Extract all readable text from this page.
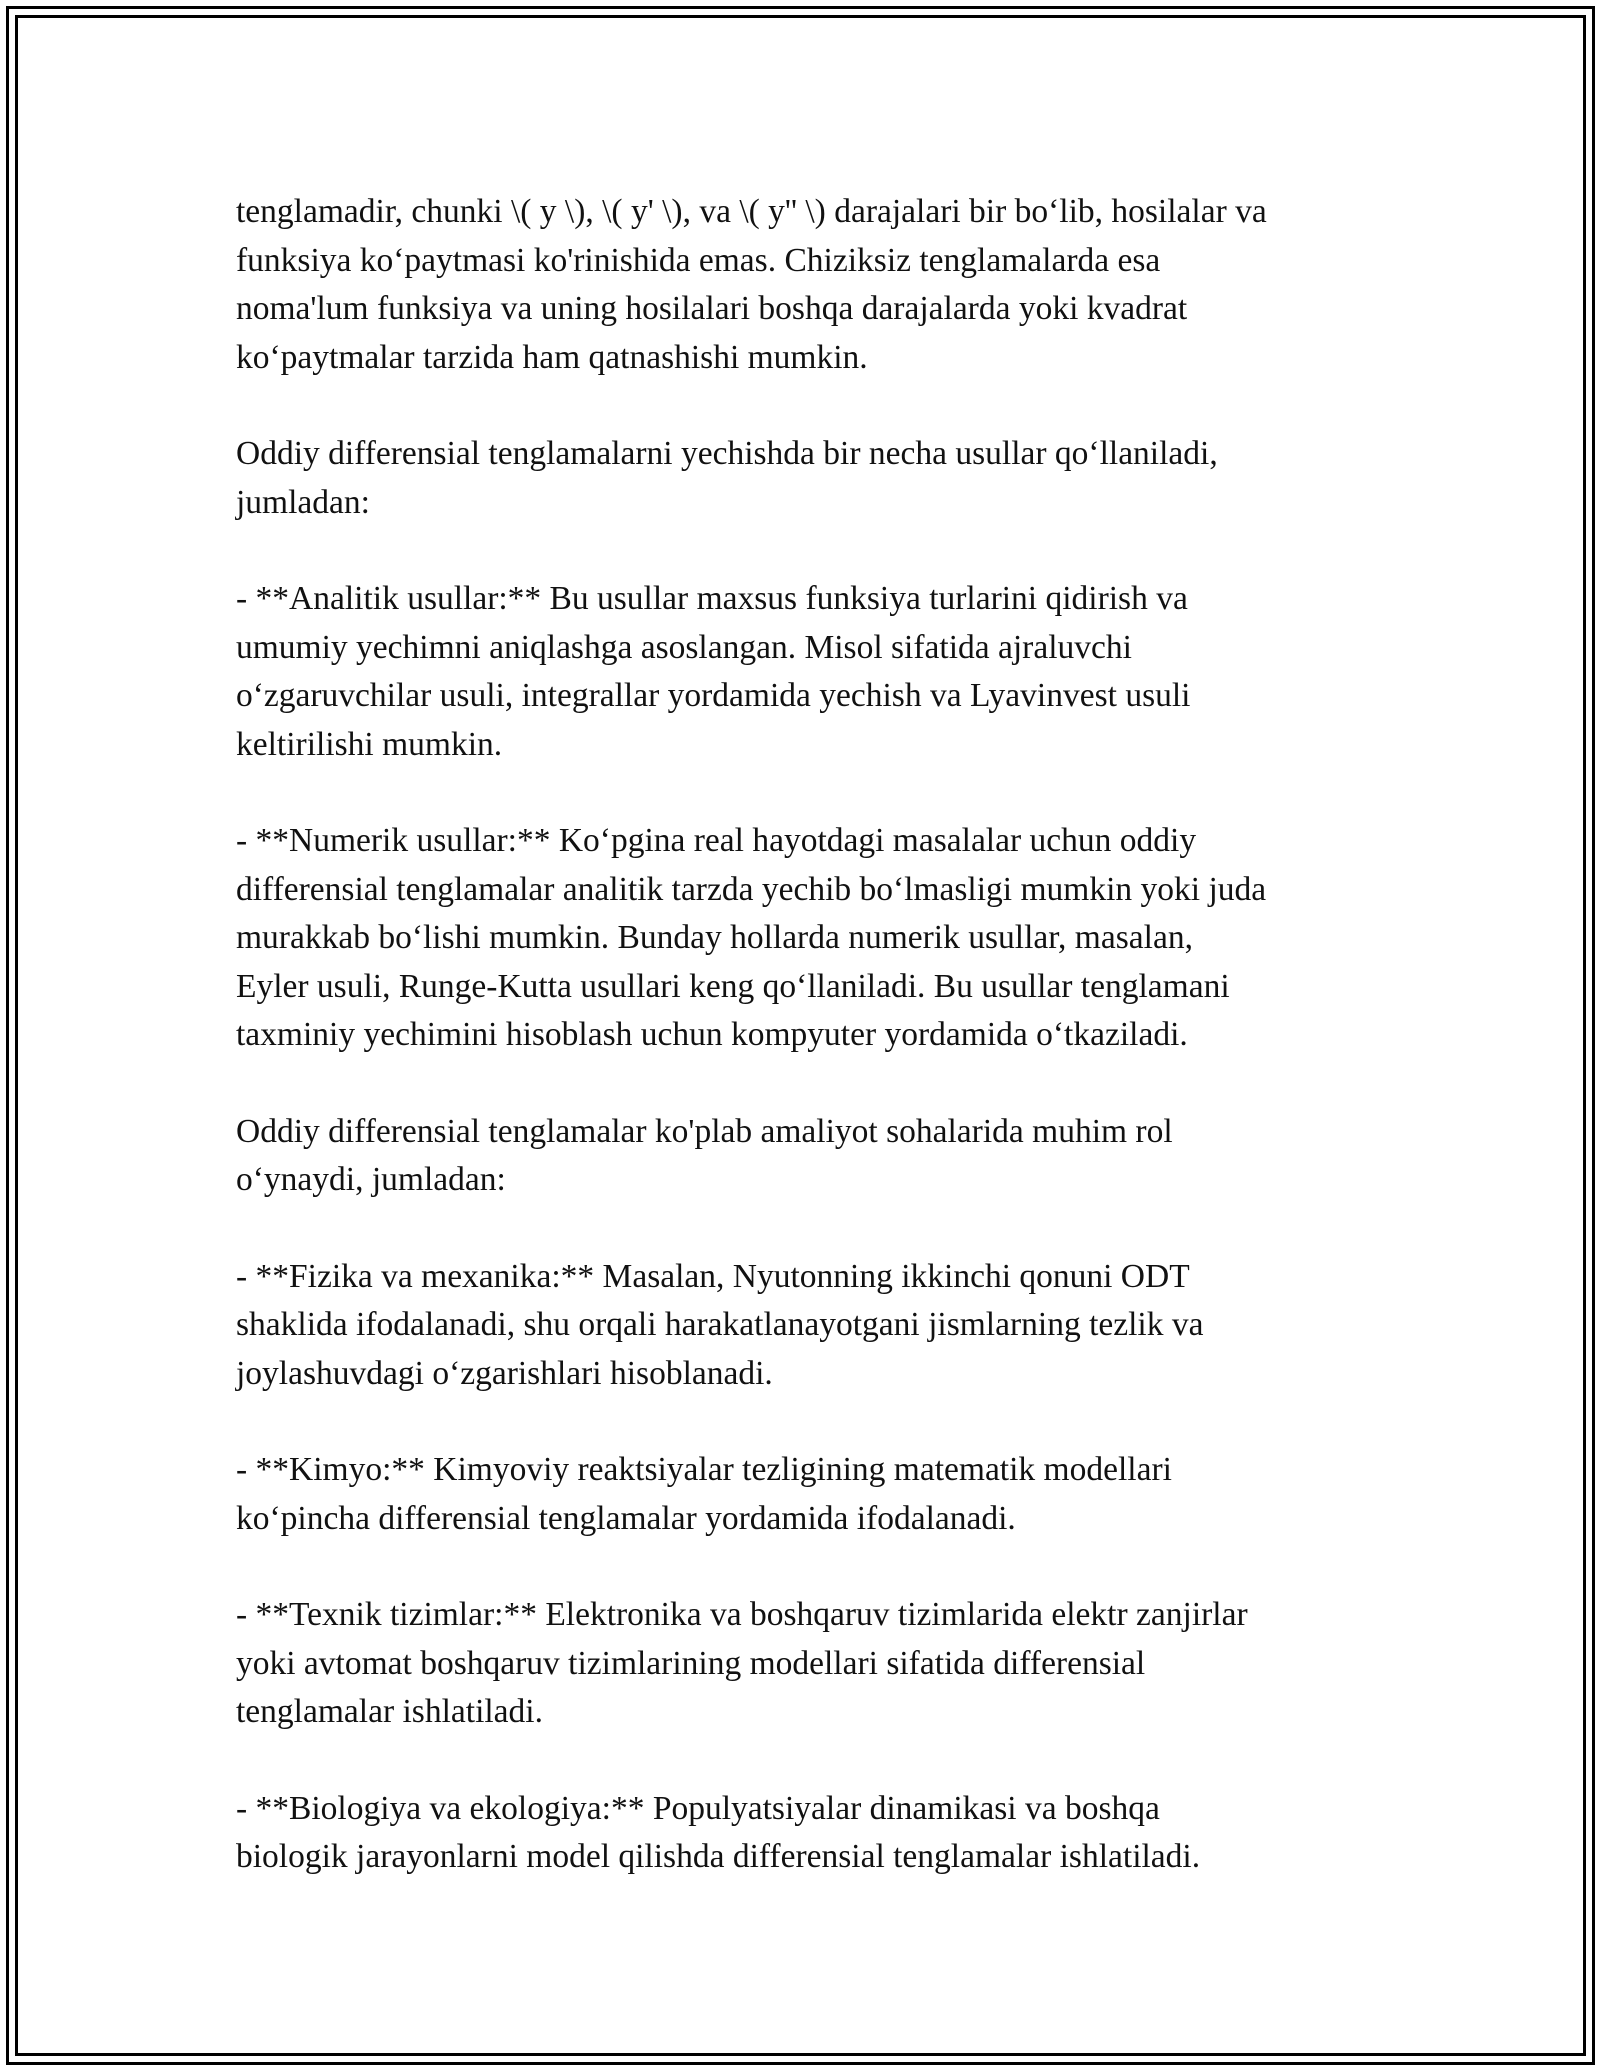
tenglamadir, chunki \( y \), \( y' \), va \( y'' \) darajalari bir bo‘lib, hosilalar va
funksiya ko‘paytmasi ko'rinishida emas. Chiziksiz tenglamalarda esa
noma'lum funksiya va uning hosilalari boshqa darajalarda yoki kvadrat
ko‘paytmalar tarzida ham qatnashishi mumkin.

Oddiy differensial tenglamalarni yechishda bir necha usullar qo‘llaniladi,
jumladan:

- **Analitik usullar:** Bu usullar maxsus funksiya turlarini qidirish va
umumiy yechimni aniqlashga asoslangan. Misol sifatida ajraluvchi
o‘zgaruvchilar usuli, integrallar yordamida yechish va Lyavinvest usuli
keltirilishi mumkin.

- **Numerik usullar:** Ko‘pgina real hayotdagi masalalar uchun oddiy
differensial tenglamalar analitik tarzda yechib bo‘lmasligi mumkin yoki juda
murakkab bo‘lishi mumkin. Bunday hollarda numerik usullar, masalan,
Eyler usuli, Runge-Kutta usullari keng qo‘llaniladi. Bu usullar tenglamani
taxminiy yechimini hisoblash uchun kompyuter yordamida o‘tkaziladi.

Oddiy differensial tenglamalar ko'plab amaliyot sohalarida muhim rol
o‘ynaydi, jumladan:

- **Fizika va mexanika:** Masalan, Nyutonning ikkinchi qonuni ODT
shaklida ifodalanadi, shu orqali harakatlanayotgani jismlarning tezlik va
joylashuvdagi o‘zgarishlari hisoblanadi.

- **Kimyo:** Kimyoviy reaktsiyalar tezligining matematik modellari
ko‘pincha differensial tenglamalar yordamida ifodalanadi.

- **Texnik tizimlar:** Elektronika va boshqaruv tizimlarida elektr zanjirlar
yoki avtomat boshqaruv tizimlarining modellari sifatida differensial
tenglamalar ishlatiladi.

- **Biologiya va ekologiya:** Populyatsiyalar dinamikasi va boshqa
biologik jarayonlarni model qilishda differensial tenglamalar ishlatiladi.
